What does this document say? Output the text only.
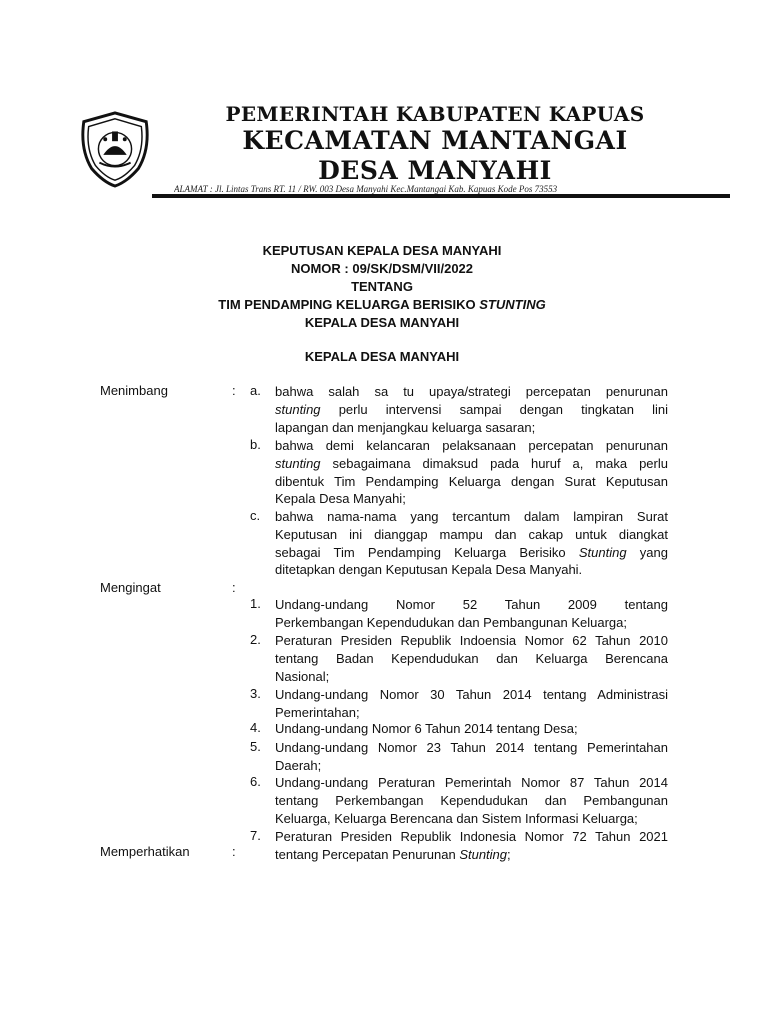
PEMERINTAH KABUPATEN KAPUAS
KECAMATAN MANTANGAI
DESA MANYAHI
ALAMAT : Jl. Lintas Trans RT. 11 / RW. 003 Desa Manyahi Kec.Mantangai Kab. Kapuas Kode Pos 73553
KEPUTUSAN KEPALA DESA MANYAHI
NOMOR : 09/SK/DSM/VII/2022
TENTANG
TIM PENDAMPING KELUARGA BERISIKO STUNTING
KEPALA DESA MANYAHI
KEPALA DESA MANYAHI
Menimbang	: a.	bahwa salah sa tu upaya/strategi percepatan penurunan
stunting perlu intervensi sampai dengan tingkatan lini
lapangan dan menjangkau keluarga sasaran;
b.	bahwa demi kelancaran pelaksanaan percepatan penurunan
stunting sebagaimana dimaksud pada huruf a, maka perlu
dibentuk Tim Pendamping Keluarga dengan Surat Keputusan
Kepala Desa Manyahi;
c.	bahwa nama-nama yang tercantum dalam lampiran Surat
Keputusan ini dianggap mampu dan cakap untuk diangkat
sebagai Tim Pendamping Keluarga Berisiko Stunting yang
ditetapkan dengan Keputusan Kepala Desa Manyahi.
Mengingat	:
1.	Undang-undang Nomor 52 Tahun 2009 tentang
Perkembangan Kependudukan dan Pembangunan Keluarga;
2.	Peraturan Presiden Republik Indoensia Nomor 62 Tahun 2010
tentang Badan Kependudukan dan Keluarga Berencana
Nasional;
3.	Undang-undang Nomor 30 Tahun 2014 tentang Administrasi
Pemerintahan;
4.	Undang-undang Nomor 6 Tahun 2014 tentang Desa;
5.	Undang-undang Nomor 23 Tahun 2014 tentang Pemerintahan
Daerah;
6.	Undang-undang Peraturan Pemerintah Nomor 87 Tahun 2014
tentang Perkembangan Kependudukan dan Pembangunan
Keluarga, Keluarga Berencana dan Sistem Informasi Keluarga;
7.	Peraturan Presiden Republik Indonesia Nomor 72 Tahun 2021
tentang Percepatan Penurunan Stunting;
Memperhatikan	:
